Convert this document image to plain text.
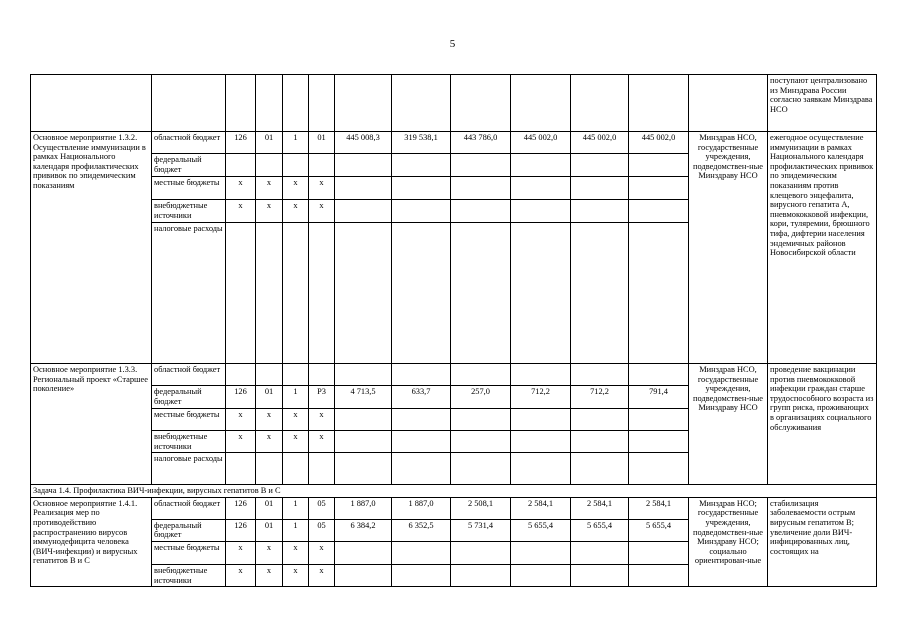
5
													поступают централизовано из Минздрава России согласно заявкам Минздрава НСО
Основное мероприятие 1.3.2. Осуществление иммунизации в рамках Национального календаря профилактических прививок по эпидемическим показаниям	областной бюджет	126	01	1	01	445 008,3	319 538,1	443 786,0	445 002,0	445 002,0	445 002,0	Минздрав НСО, государственные учреждения, подведомствен-ные Минздраву НСО	ежегодное осуществление иммунизации в рамках Национального календаря профилактических прививок по эпидемическим показаниям против клещевого энцефалита, вирусного гепатита А, пневмококковой инфекции, кори, туляремии, брюшного тифа, дифтерии населения эндемичных районов Новосибирской области
	федеральный бюджет												
	местные бюджеты	x	x	x	x								
	внебюджетные источники	x	x	x	x								
	налоговые расходы												
Основное мероприятие 1.3.3. Региональный проект «Старшее поколение»	областной бюджет											Минздрав НСО, государственные учреждения, подведомствен-ные Минздраву НСО	проведение вакцинации против пневмококковой инфекции граждан старше трудоспособного возраста из групп риска, проживающих в организациях социального обслуживания
	федеральный бюджет	126	01	1	P3	4 713,5	633,7	257,0	712,2	712,2	791,4		
	местные бюджеты	x	x	x	x								
	внебюджетные источники	x	x	x	x								
	налоговые расходы												
Задача 1.4. Профилактика ВИЧ-инфекции, вирусных гепатитов В и С													
Основное мероприятие 1.4.1. Реализация мер по противодействию распространению вирусов иммунодефицита человека (ВИЧ-инфекции) и вирусных гепатитов В и С	областной бюджет	126	01	1	05	1 887,0	1 887,0	2 508,1	2 584,1	2 584,1	2 584,1	Минздрав НСО; государственные учреждения, подведомствен-ные Минздраву НСО; социально ориентирован-ные	стабилизация заболеваемости острым вирусным гепатитом В; увеличение доли ВИЧ-инфицированных лиц, состоящих на
	федеральный бюджет	126	01	1	05	6 384,2	6 352,5	5 731,4	5 655,4	5 655,4	5 655,4		
	местные бюджеты	x	x	x	x								
	внебюджетные источники	x	x	x	x								
